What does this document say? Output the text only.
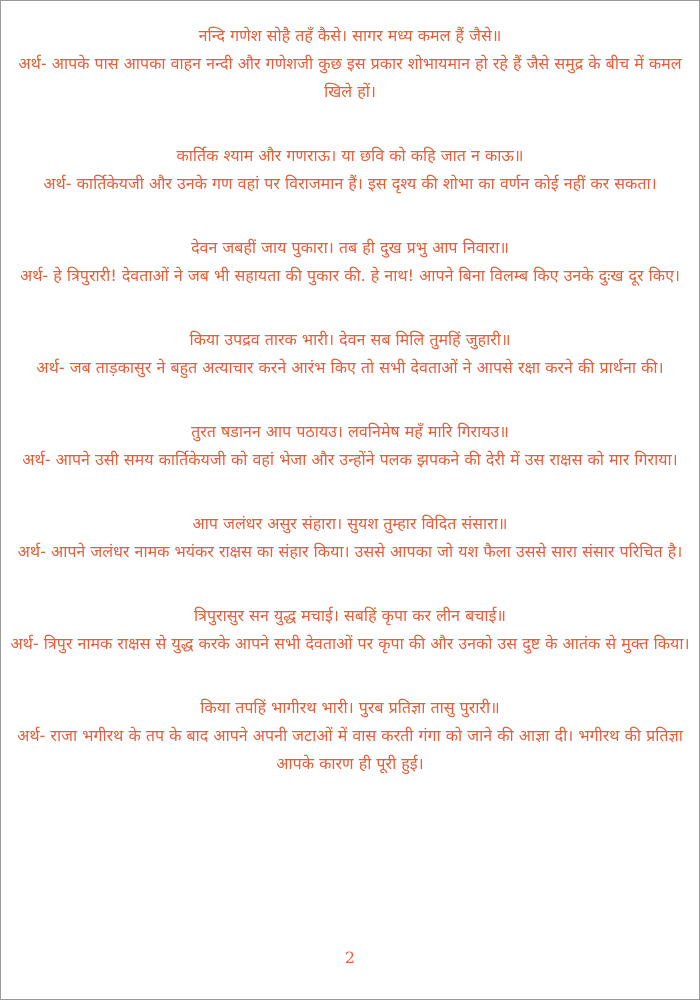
नन्दि गणेश सोहै तहँ कैसे। सागर मध्य कमल हैं जैसे॥
अर्थ- आपके पास आपका वाहन नन्दी और गणेशजी कुछ इस प्रकार शोभायमान हो रहे हैं जैसे समुद्र के बीच में कमल खिले हों।
कार्तिक श्याम और गणराऊ। या छवि को कहि जात न काऊ॥
अर्थ- कार्तिकेयजी और उनके गण वहां पर विराजमान हैं। इस दृश्य की शोभा का वर्णन कोई नहीं कर सकता।
देवन जबहीं जाय पुकारा। तब ही दुख प्रभु आप निवारा॥
अर्थ- हे त्रिपुरारी! देवताओं ने जब भी सहायता की पुकार की. हे नाथ! आपने बिना विलम्ब किए उनके दुःख दूर किए।
किया उपद्रव तारक भारी। देवन सब मिलि तुमहिं जुहारी॥
अर्थ- जब ताड़कासुर ने बहुत अत्याचार करने आरंभ किए तो सभी देवताओं ने आपसे रक्षा करने की प्रार्थना की।
तुरत षडानन आप पठायउ। लवनिमेष महँ मारि गिरायउ॥
अर्थ- आपने उसी समय कार्तिकेयजी को वहां भेजा और उन्होंने पलक झपकने की देरी में उस राक्षस को मार गिराया।
आप जलंधर असुर संहारा। सुयश तुम्हार विदित संसारा॥
अर्थ- आपने जलंधर नामक भयंकर राक्षस का संहार किया। उससे आपका जो यश फैला उससे सारा संसार परिचित है।
त्रिपुरासुर सन युद्ध मचाई। सबहिं कृपा कर लीन बचाई॥
अर्थ- त्रिपुर नामक राक्षस से युद्ध करके आपने सभी देवताओं पर कृपा की और उनको उस दुष्ट के आतंक से मुक्त किया।
किया तपहिं भागीरथ भारी। पुरब प्रतिज्ञा तासु पुरारी॥
अर्थ- राजा भगीरथ के तप के बाद आपने अपनी जटाओं में वास करती गंगा को जाने की आज्ञा दी। भगीरथ की प्रतिज्ञा आपके कारण ही पूरी हुई।
2
